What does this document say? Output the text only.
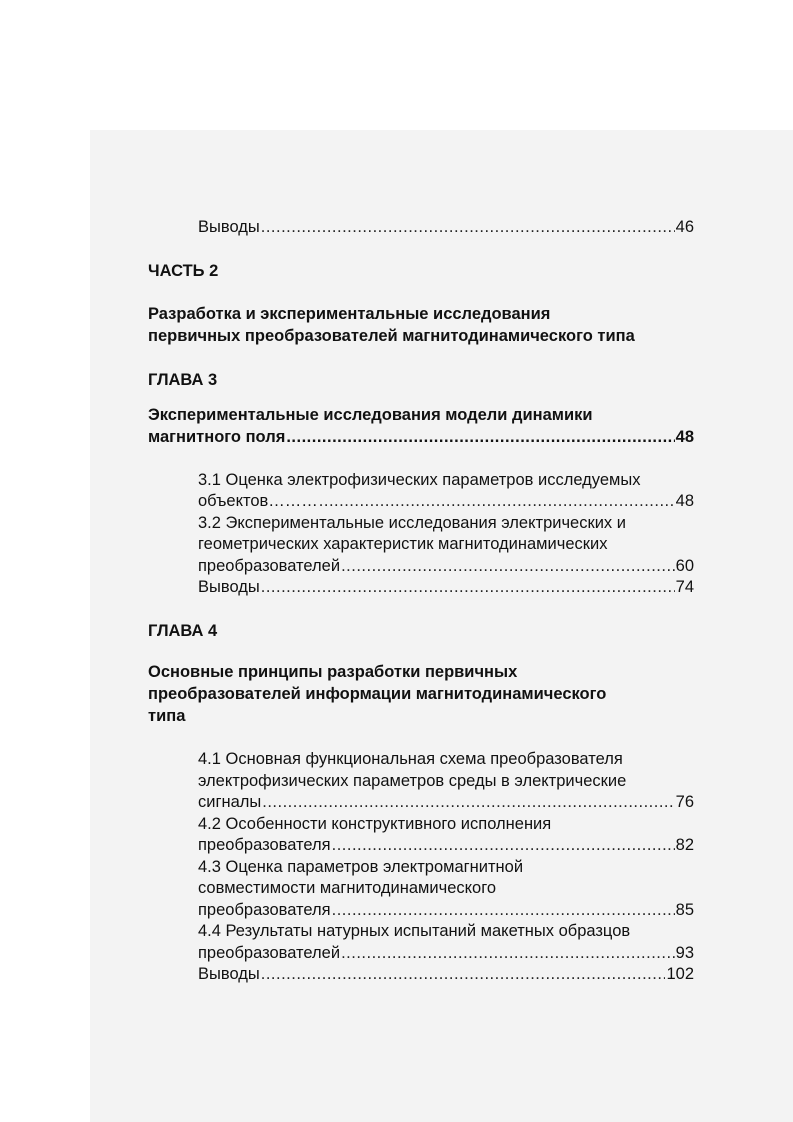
Выводы .....	46
ЧАСТЬ 2
Разработка и экспериментальные исследования
первичных преобразователей магнитодинамического типа
ГЛАВА 3
Экспериментальные исследования модели динамики
магнитного поля .....	48
3.1 Оценка электрофизических параметров исследуемых
объектов……… .....	48
3.2 Экспериментальные исследования электрических и
геометрических характеристик магнитодинамических
преобразователей .....	60
Выводы .....	74
ГЛАВА 4
Основные принципы разработки первичных
преобразователей информации магнитодинамического
типа
4.1 Основная функциональная схема преобразователя
электрофизических параметров среды в электрические
сигналы .....	76
4.2 Особенности конструктивного исполнения
преобразователя .....	82
4.3 Оценка параметров электромагнитной
совместимости магнитодинамического
преобразователя .....	85
4.4 Результаты натурных испытаний макетных образцов
преобразователей .....	93
Выводы .....	102
